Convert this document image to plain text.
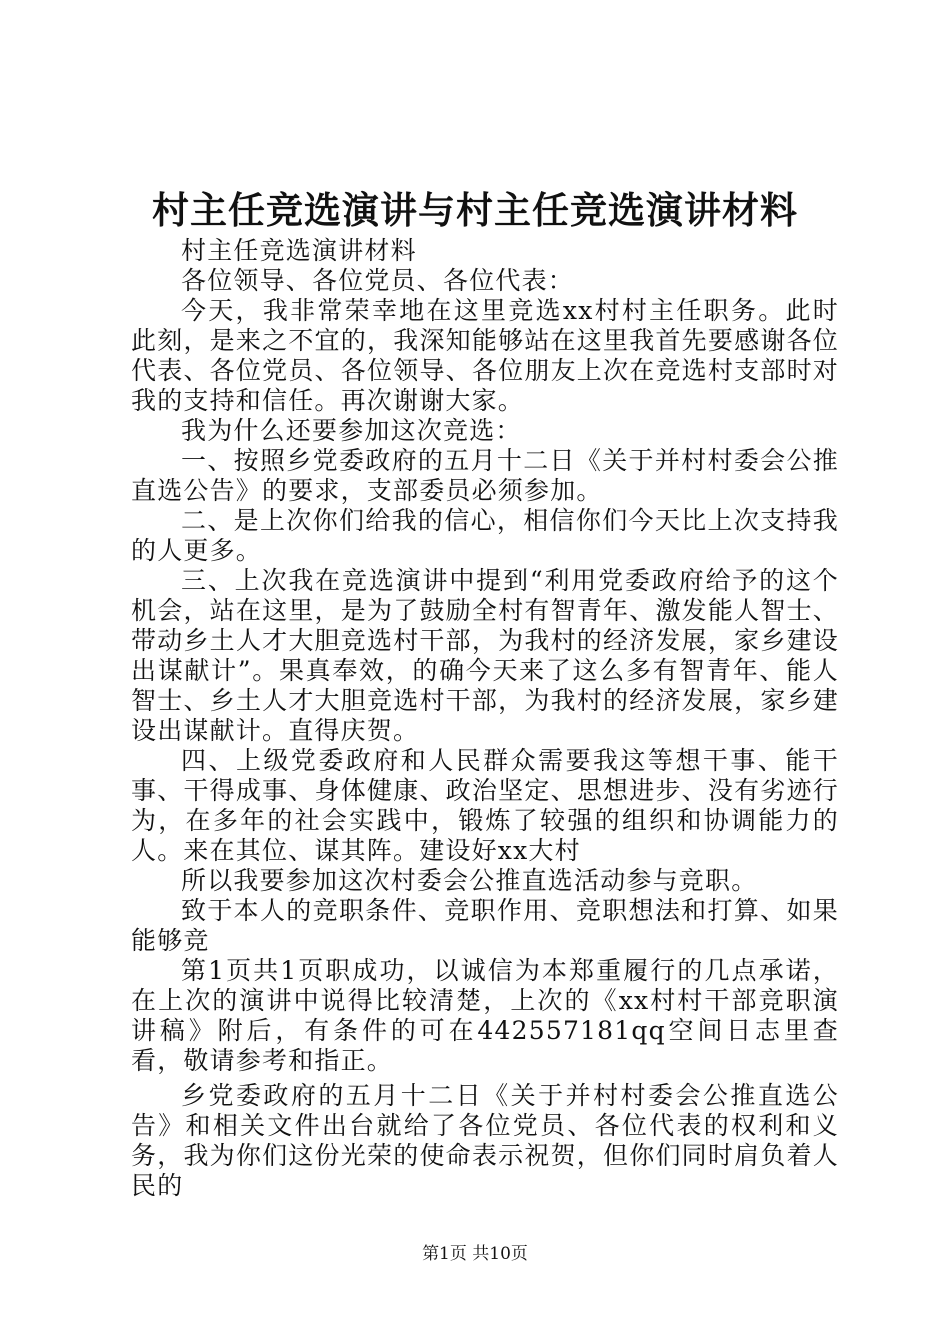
村主任竞选演讲与村主任竞选演讲材料

村主任竞选演讲材料

各位领导、各位党员、各位代表：

今天，我非常荣幸地在这里竞选xx村村主任职务。此时此刻，是来之不宜的，我深知能够站在这里我首先要感谢各位代表、各位党员、各位领导、各位朋友上次在竞选村支部时对我的支持和信任。再次谢谢大家。

我为什么还要参加这次竞选：

一、按照乡党委政府的五月十二日《关于并村村委会公推直选公告》的要求，支部委员必须参加。

二、是上次你们给我的信心，相信你们今天比上次支持我的人更多。

三、上次我在竞选演讲中提到“利用党委政府给予的这个机会，站在这里，是为了鼓励全村有智青年、激发能人智士、带动乡土人才大胆竞选村干部，为我村的经济发展，家乡建设出谋献计”。果真奉效，的确今天来了这么多有智青年、能人智士、乡土人才大胆竞选村干部，为我村的经济发展，家乡建设出谋献计。直得庆贺。

四、上级党委政府和人民群众需要我这等想干事、能干事、干得成事、身体健康、政治坚定、思想进步、没有劣迹行为，在多年的社会实践中，锻炼了较强的组织和协调能力的人。来在其位、谋其阵。建设好xx大村

所以我要参加这次村委会公推直选活动参与竞职。

致于本人的竞职条件、竞职作用、竞职想法和打算、如果能够竞

第1页共1页职成功，以诚信为本郑重履行的几点承诺，在上次的演讲中说得比较清楚，上次的《xx村村干部竞职演讲稿》附后，有条件的可在442557181qq空间日志里查看，敬请参考和指正。

乡党委政府的五月十二日《关于并村村委会公推直选公告》和相关文件出台就给了各位党员、各位代表的权利和义务，我为你们这份光荣的使命表示祝贺，但你们同时肩负着人民的

第1页 共10页
